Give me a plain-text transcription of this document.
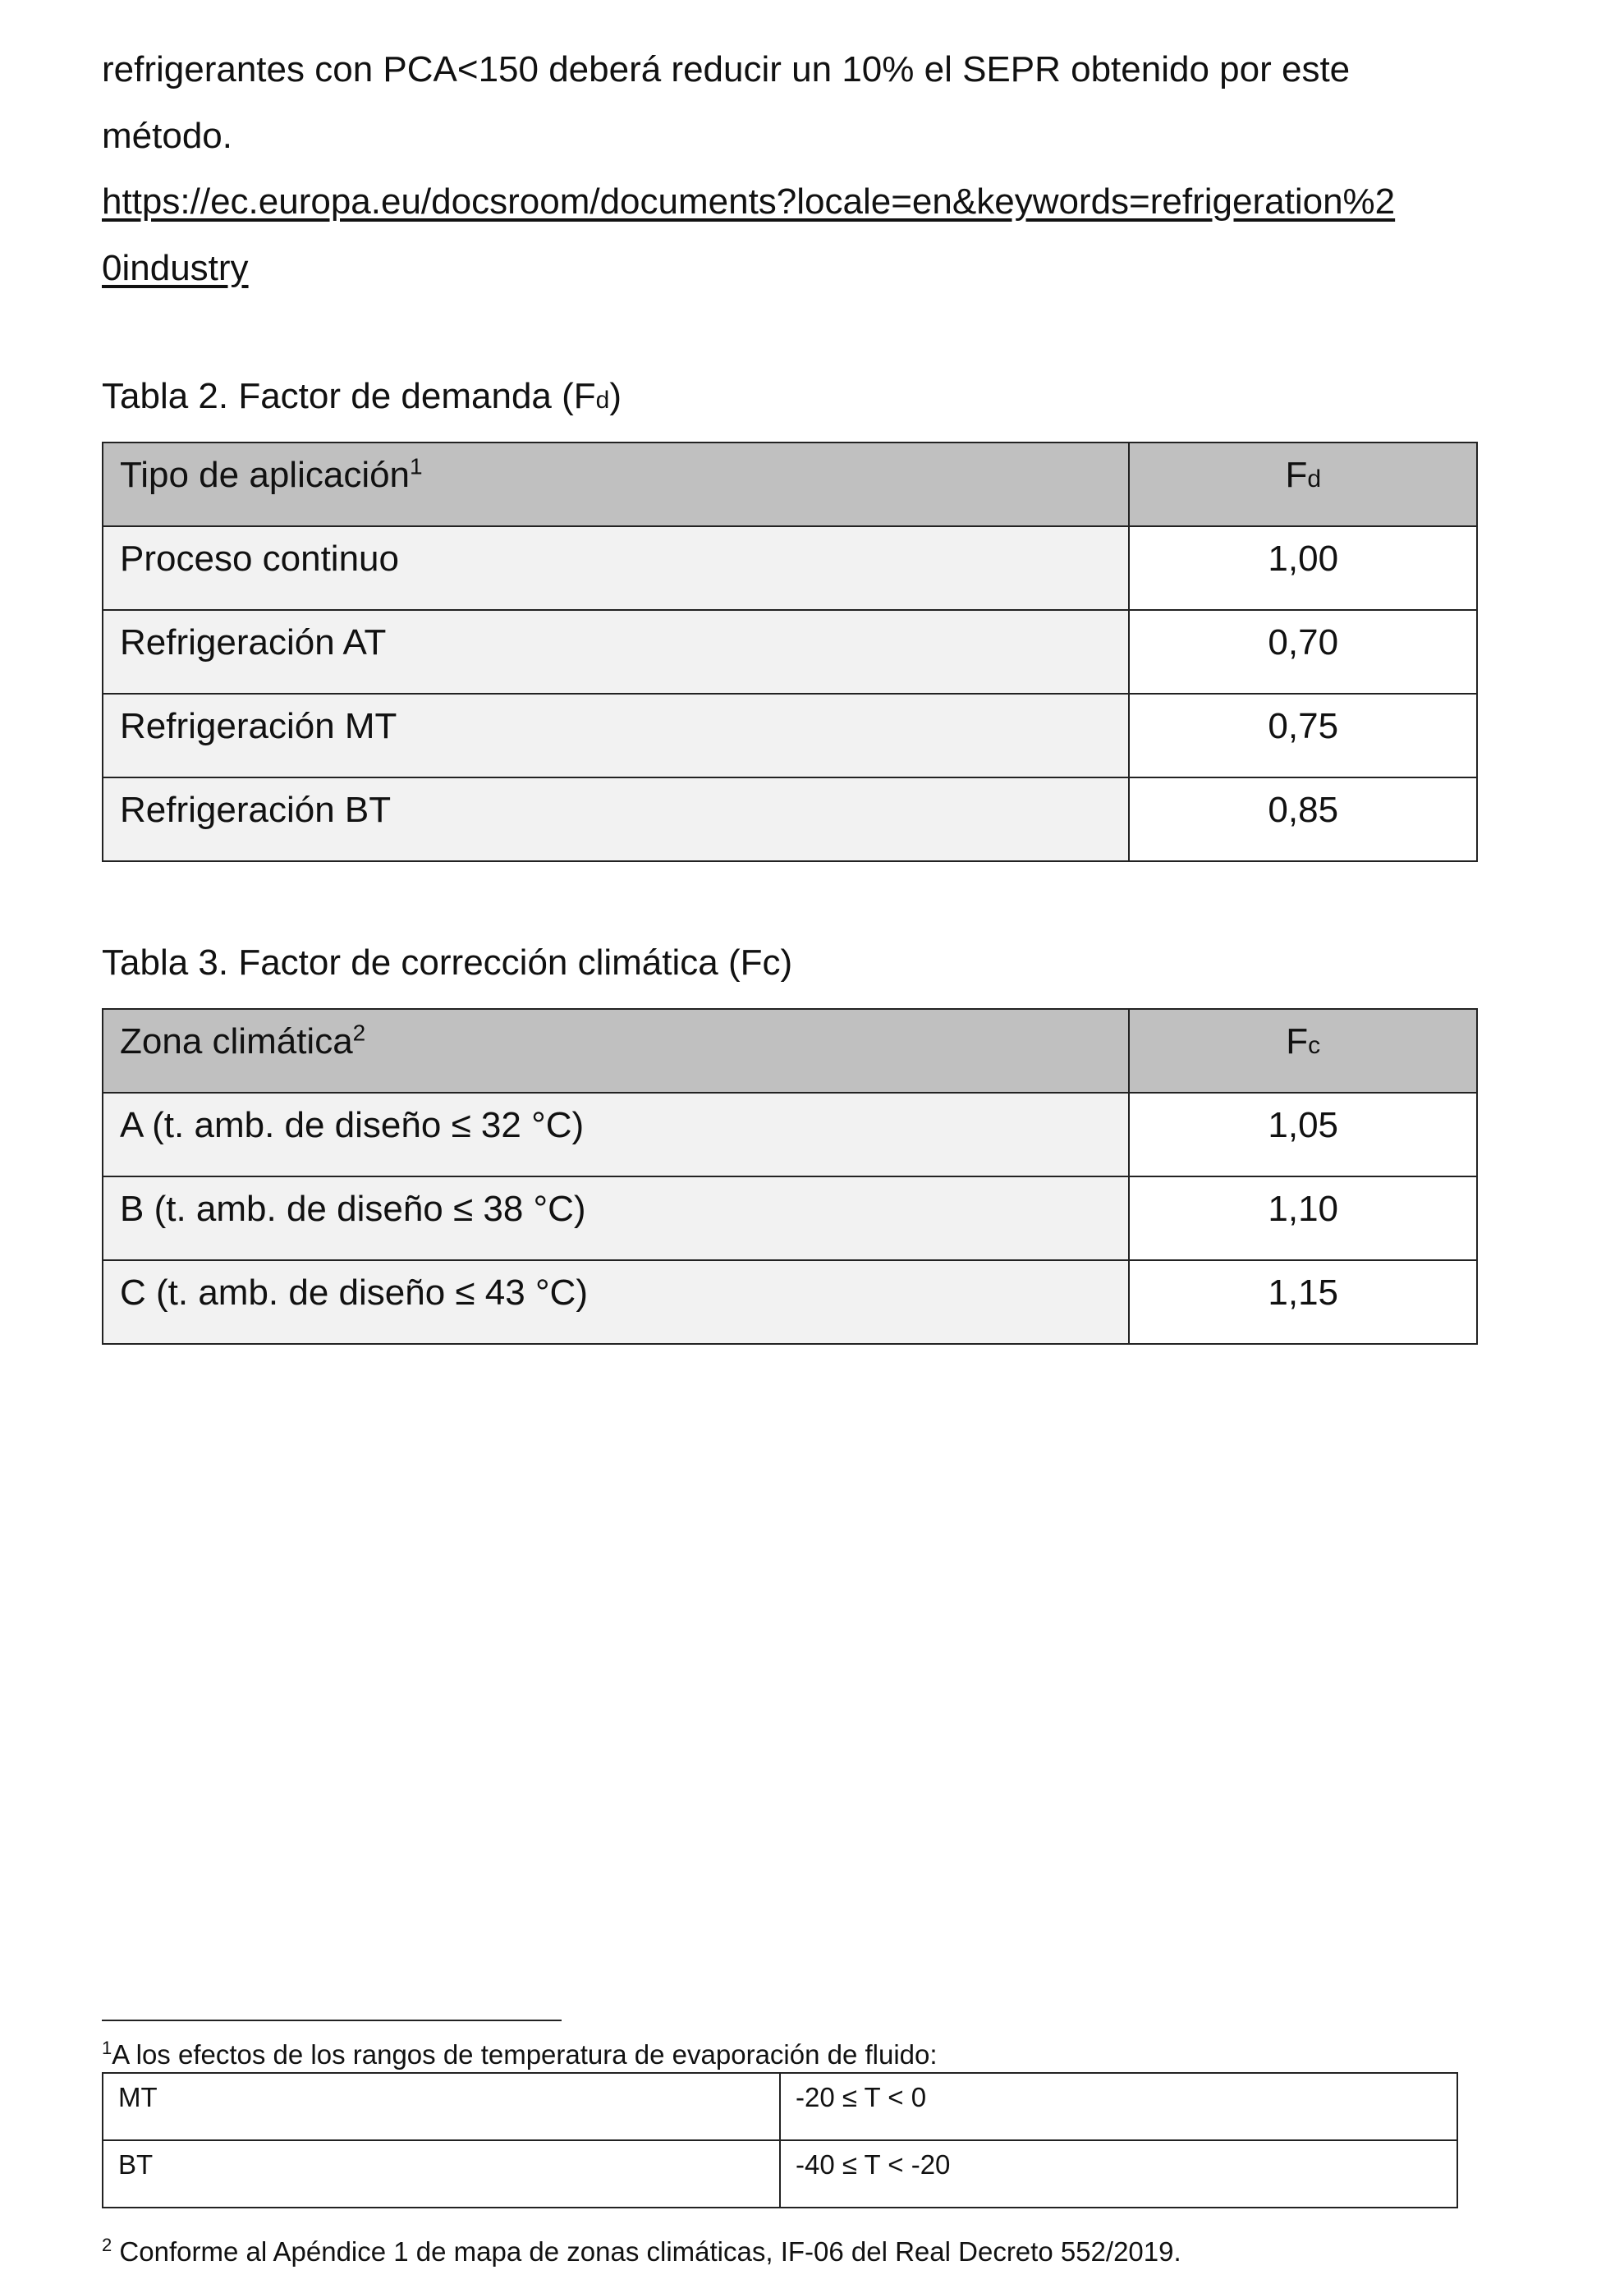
refrigerantes con PCA<150 deberá reducir un 10% el SEPR obtenido por este
método.

https://ec.europa.eu/docsroom/documents?locale=en&keywords=refrigeration%2
0industry

Tabla 2. Factor de demanda (Fd)

Tipo de aplicación$^1$	Fd
Proceso continuo	1,00
Refrigeración AT	0,70
Refrigeración MT	0,75
Refrigeración BT	0,85

Tabla 3. Factor de corrección climática (Fc)

Zona climática$^2$	Fc
A (t. amb. de diseño ≤ 32 °C)	1,05
B (t. amb. de diseño ≤ 38 °C)	1,10
C (t. amb. de diseño ≤ 43 °C)	1,15

$^1$A los efectos de los rangos de temperatura de evaporación de fluido:

MT	-20 ≤ T < 0
BT	-40 ≤ T < -20

$^2$ Conforme al Apéndice 1 de mapa de zonas climáticas, IF-06 del Real Decreto 552/2019.
